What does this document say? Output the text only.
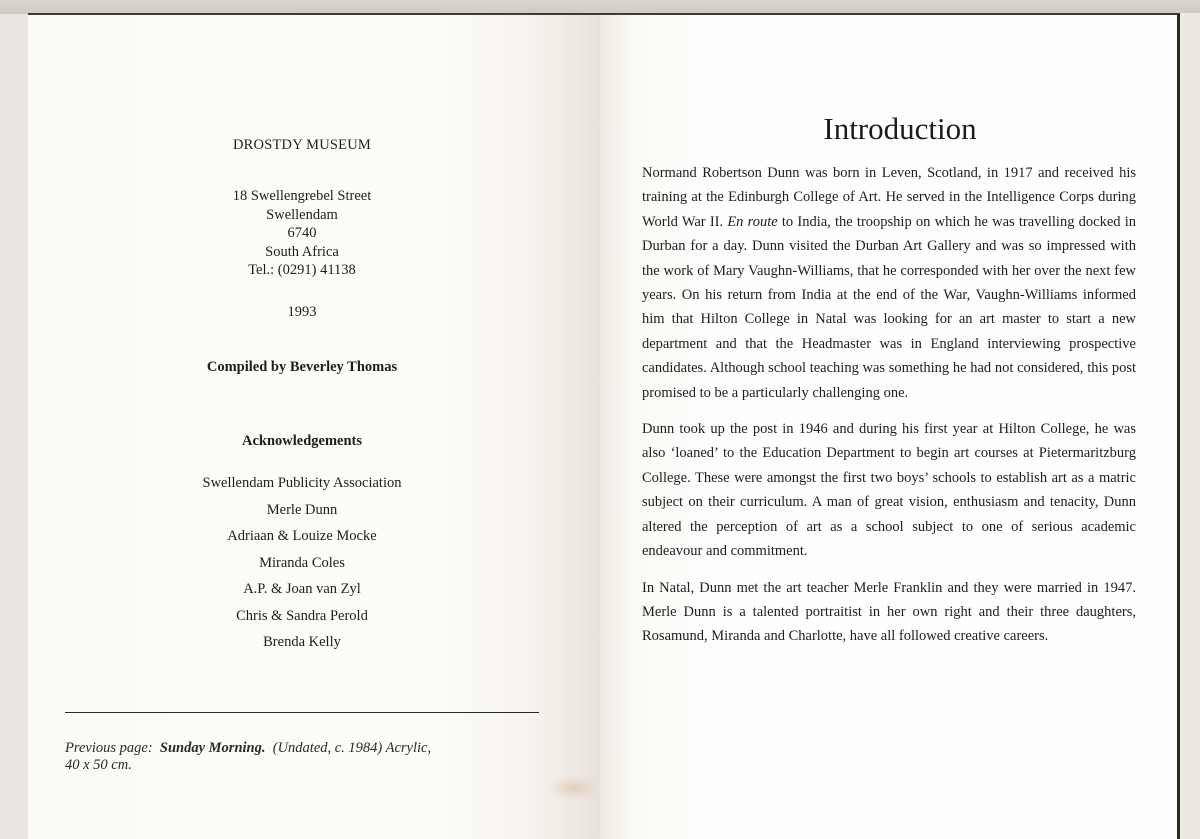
DROSTDY MUSEUM
18 Swellengrebel Street
Swellendam
6740
South Africa
Tel.: (0291) 41138
1993
Compiled by Beverley Thomas
Acknowledgements
Swellendam Publicity Association
Merle Dunn
Adriaan & Louize Mocke
Miranda Coles
A.P. & Joan van Zyl
Chris & Sandra Perold
Brenda Kelly
Previous page: Sunday Morning. (Undated, c. 1984) Acrylic,
40 x 50 cm.
Introduction

Normand Robertson Dunn was born in Leven, Scotland, in 1917 and received his training at the Edinburgh College of Art. He served in the Intelligence Corps during World War II. En route to India, the troopship on which he was travelling docked in Durban for a day. Dunn visited the Durban Art Gallery and was so impressed with the work of Mary Vaughn-Williams, that he corresponded with her over the next few years. On his return from India at the end of the War, Vaughn-Williams informed him that Hilton College in Natal was looking for an art master to start a new department and that the Headmaster was in England interviewing prospective candidates. Although school teaching was something he had not considered, this post promised to be a particularly challenging one.

Dunn took up the post in 1946 and during his first year at Hilton College, he was also ‘loaned’ to the Education Department to begin art courses at Pietermaritzburg College. These were amongst the first two boys’ schools to establish art as a matric subject on their curriculum. A man of great vision, enthusiasm and tenacity, Dunn altered the perception of art as a school subject to one of serious academic endeavour and commitment.

In Natal, Dunn met the art teacher Merle Franklin and they were married in 1947. Merle Dunn is a talented portraitist in her own right and their three daughters, Rosamund, Miranda and Charlotte, have all followed creative careers.
